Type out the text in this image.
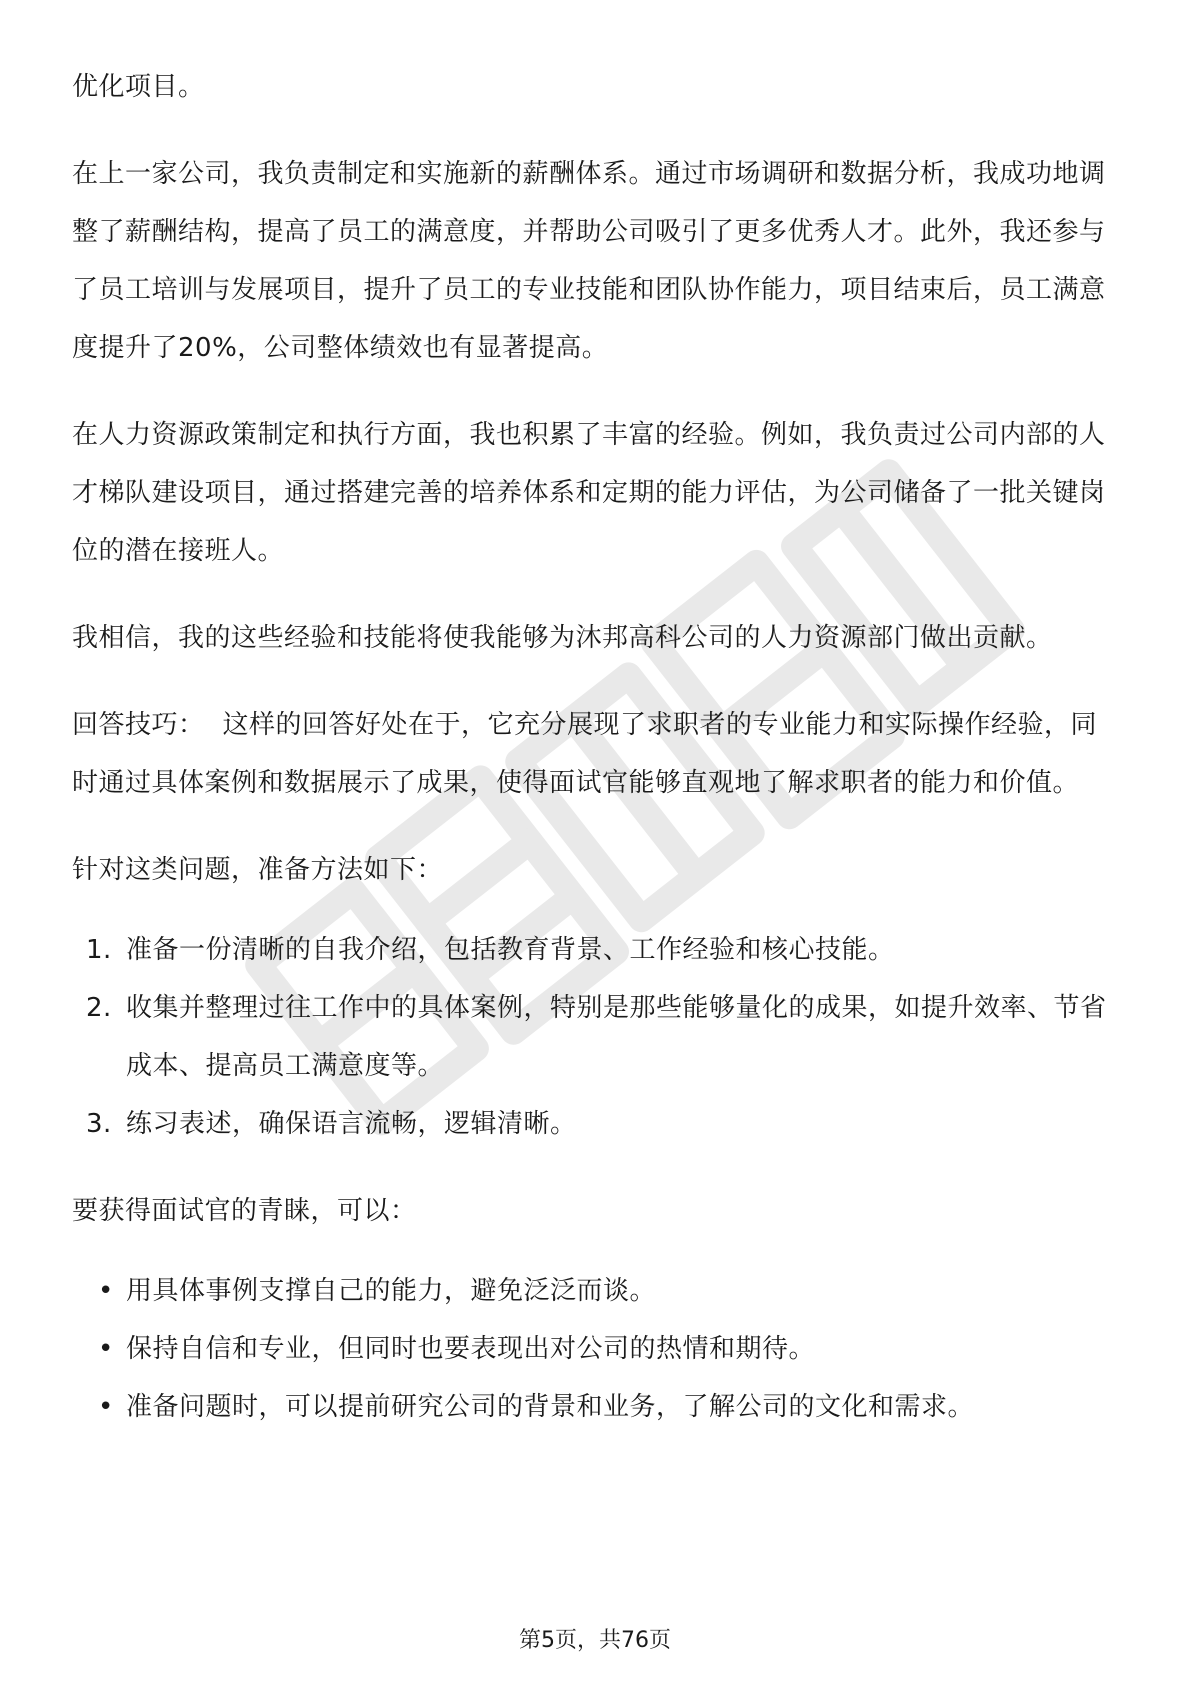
优化项目。

在上一家公司，我负责制定和实施新的薪酬体系。通过市场调研和数据分析，我成功地调整了薪酬结构，提高了员工的满意度，并帮助公司吸引了更多优秀人才。此外，我还参与了员工培训与发展项目，提升了员工的专业技能和团队协作能力，项目结束后，员工满意度提升了20%，公司整体绩效也有显著提高。

在人力资源政策制定和执行方面，我也积累了丰富的经验。例如，我负责过公司内部的人才梯队建设项目，通过搭建完善的培养体系和定期的能力评估，为公司储备了一批关键岗位的潜在接班人。

我相信，我的这些经验和技能将使我能够为沐邦高科公司的人力资源部门做出贡献。

回答技巧： 这样的回答好处在于，它充分展现了求职者的专业能力和实际操作经验，同时通过具体案例和数据展示了成果，使得面试官能够直观地了解求职者的能力和价值。

针对这类问题，准备方法如下：

1. 准备一份清晰的自我介绍，包括教育背景、工作经验和核心技能。
2. 收集并整理过往工作中的具体案例，特别是那些能够量化的成果，如提升效率、节省成本、提高员工满意度等。
3. 练习表述，确保语言流畅，逻辑清晰。

要获得面试官的青睐，可以：

• 用具体事例支撑自己的能力，避免泛泛而谈。
• 保持自信和专业，但同时也要表现出对公司的热情和期待。
• 准备问题时，可以提前研究公司的背景和业务，了解公司的文化和需求。
第5页，共76页
